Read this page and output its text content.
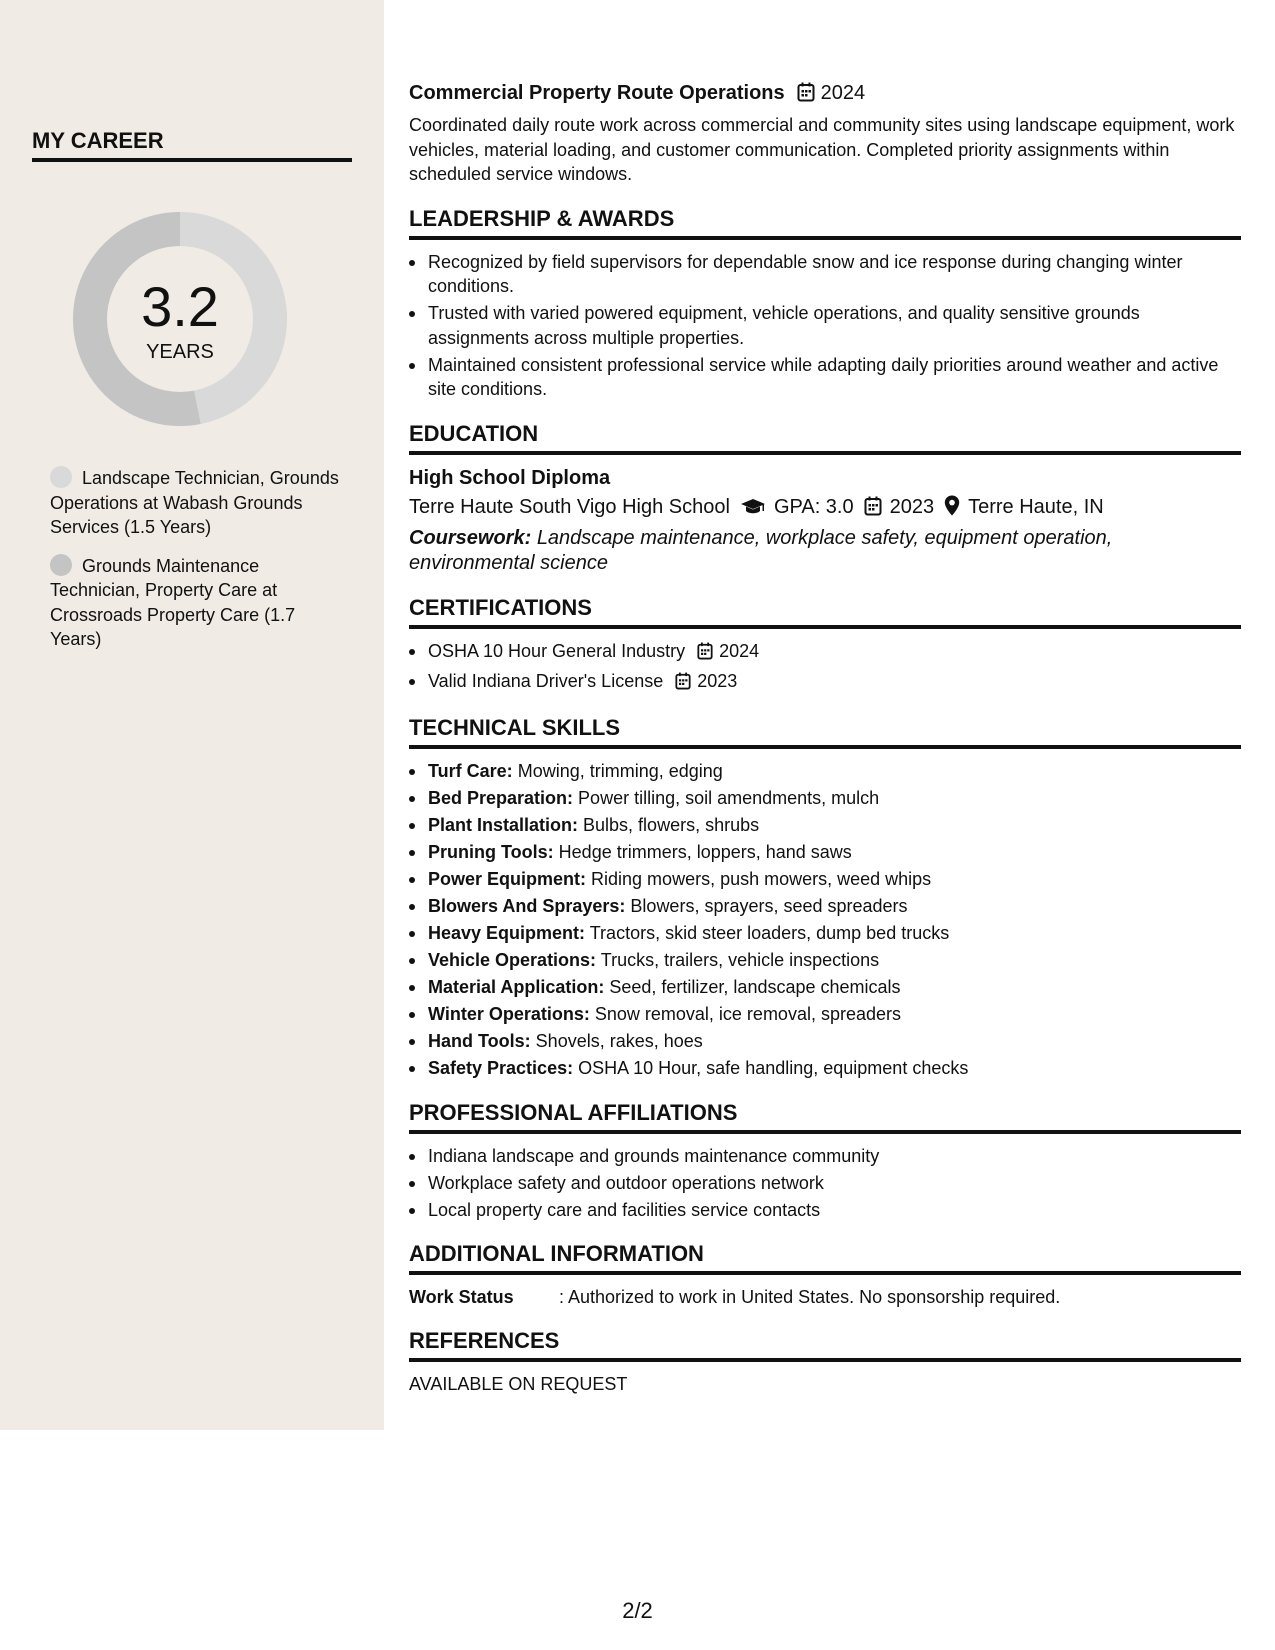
MY CAREER
3.2
YEARS
Landscape Technician, Grounds Operations at Wabash Grounds Services (1.5 Years)
Grounds Maintenance Technician, Property Care at Crossroads Property Care (1.7 Years)
Commercial Property Route Operations 2024
Coordinated daily route work across commercial and community sites using landscape equipment, work vehicles, material loading, and customer communication. Completed priority assignments within scheduled service windows.
LEADERSHIP & AWARDS
Recognized by field supervisors for dependable snow and ice response during changing winter conditions.
Trusted with varied powered equipment, vehicle operations, and quality sensitive grounds assignments across multiple properties.
Maintained consistent professional service while adapting daily priorities around weather and active site conditions.
EDUCATION
High School Diploma
Terre Haute South Vigo High School GPA: 3.0 2023 Terre Haute, IN
Coursework: Landscape maintenance, workplace safety, equipment operation, environmental science
CERTIFICATIONS
OSHA 10 Hour General Industry 2024
Valid Indiana Driver's License 2023
TECHNICAL SKILLS
Turf Care: Mowing, trimming, edging
Bed Preparation: Power tilling, soil amendments, mulch
Plant Installation: Bulbs, flowers, shrubs
Pruning Tools: Hedge trimmers, loppers, hand saws
Power Equipment: Riding mowers, push mowers, weed whips
Blowers And Sprayers: Blowers, sprayers, seed spreaders
Heavy Equipment: Tractors, skid steer loaders, dump bed trucks
Vehicle Operations: Trucks, trailers, vehicle inspections
Material Application: Seed, fertilizer, landscape chemicals
Winter Operations: Snow removal, ice removal, spreaders
Hand Tools: Shovels, rakes, hoes
Safety Practices: OSHA 10 Hour, safe handling, equipment checks
PROFESSIONAL AFFILIATIONS
Indiana landscape and grounds maintenance community
Workplace safety and outdoor operations network
Local property care and facilities service contacts
ADDITIONAL INFORMATION
Work Status	: Authorized to work in United States. No sponsorship required.
REFERENCES
AVAILABLE ON REQUEST
2/2
